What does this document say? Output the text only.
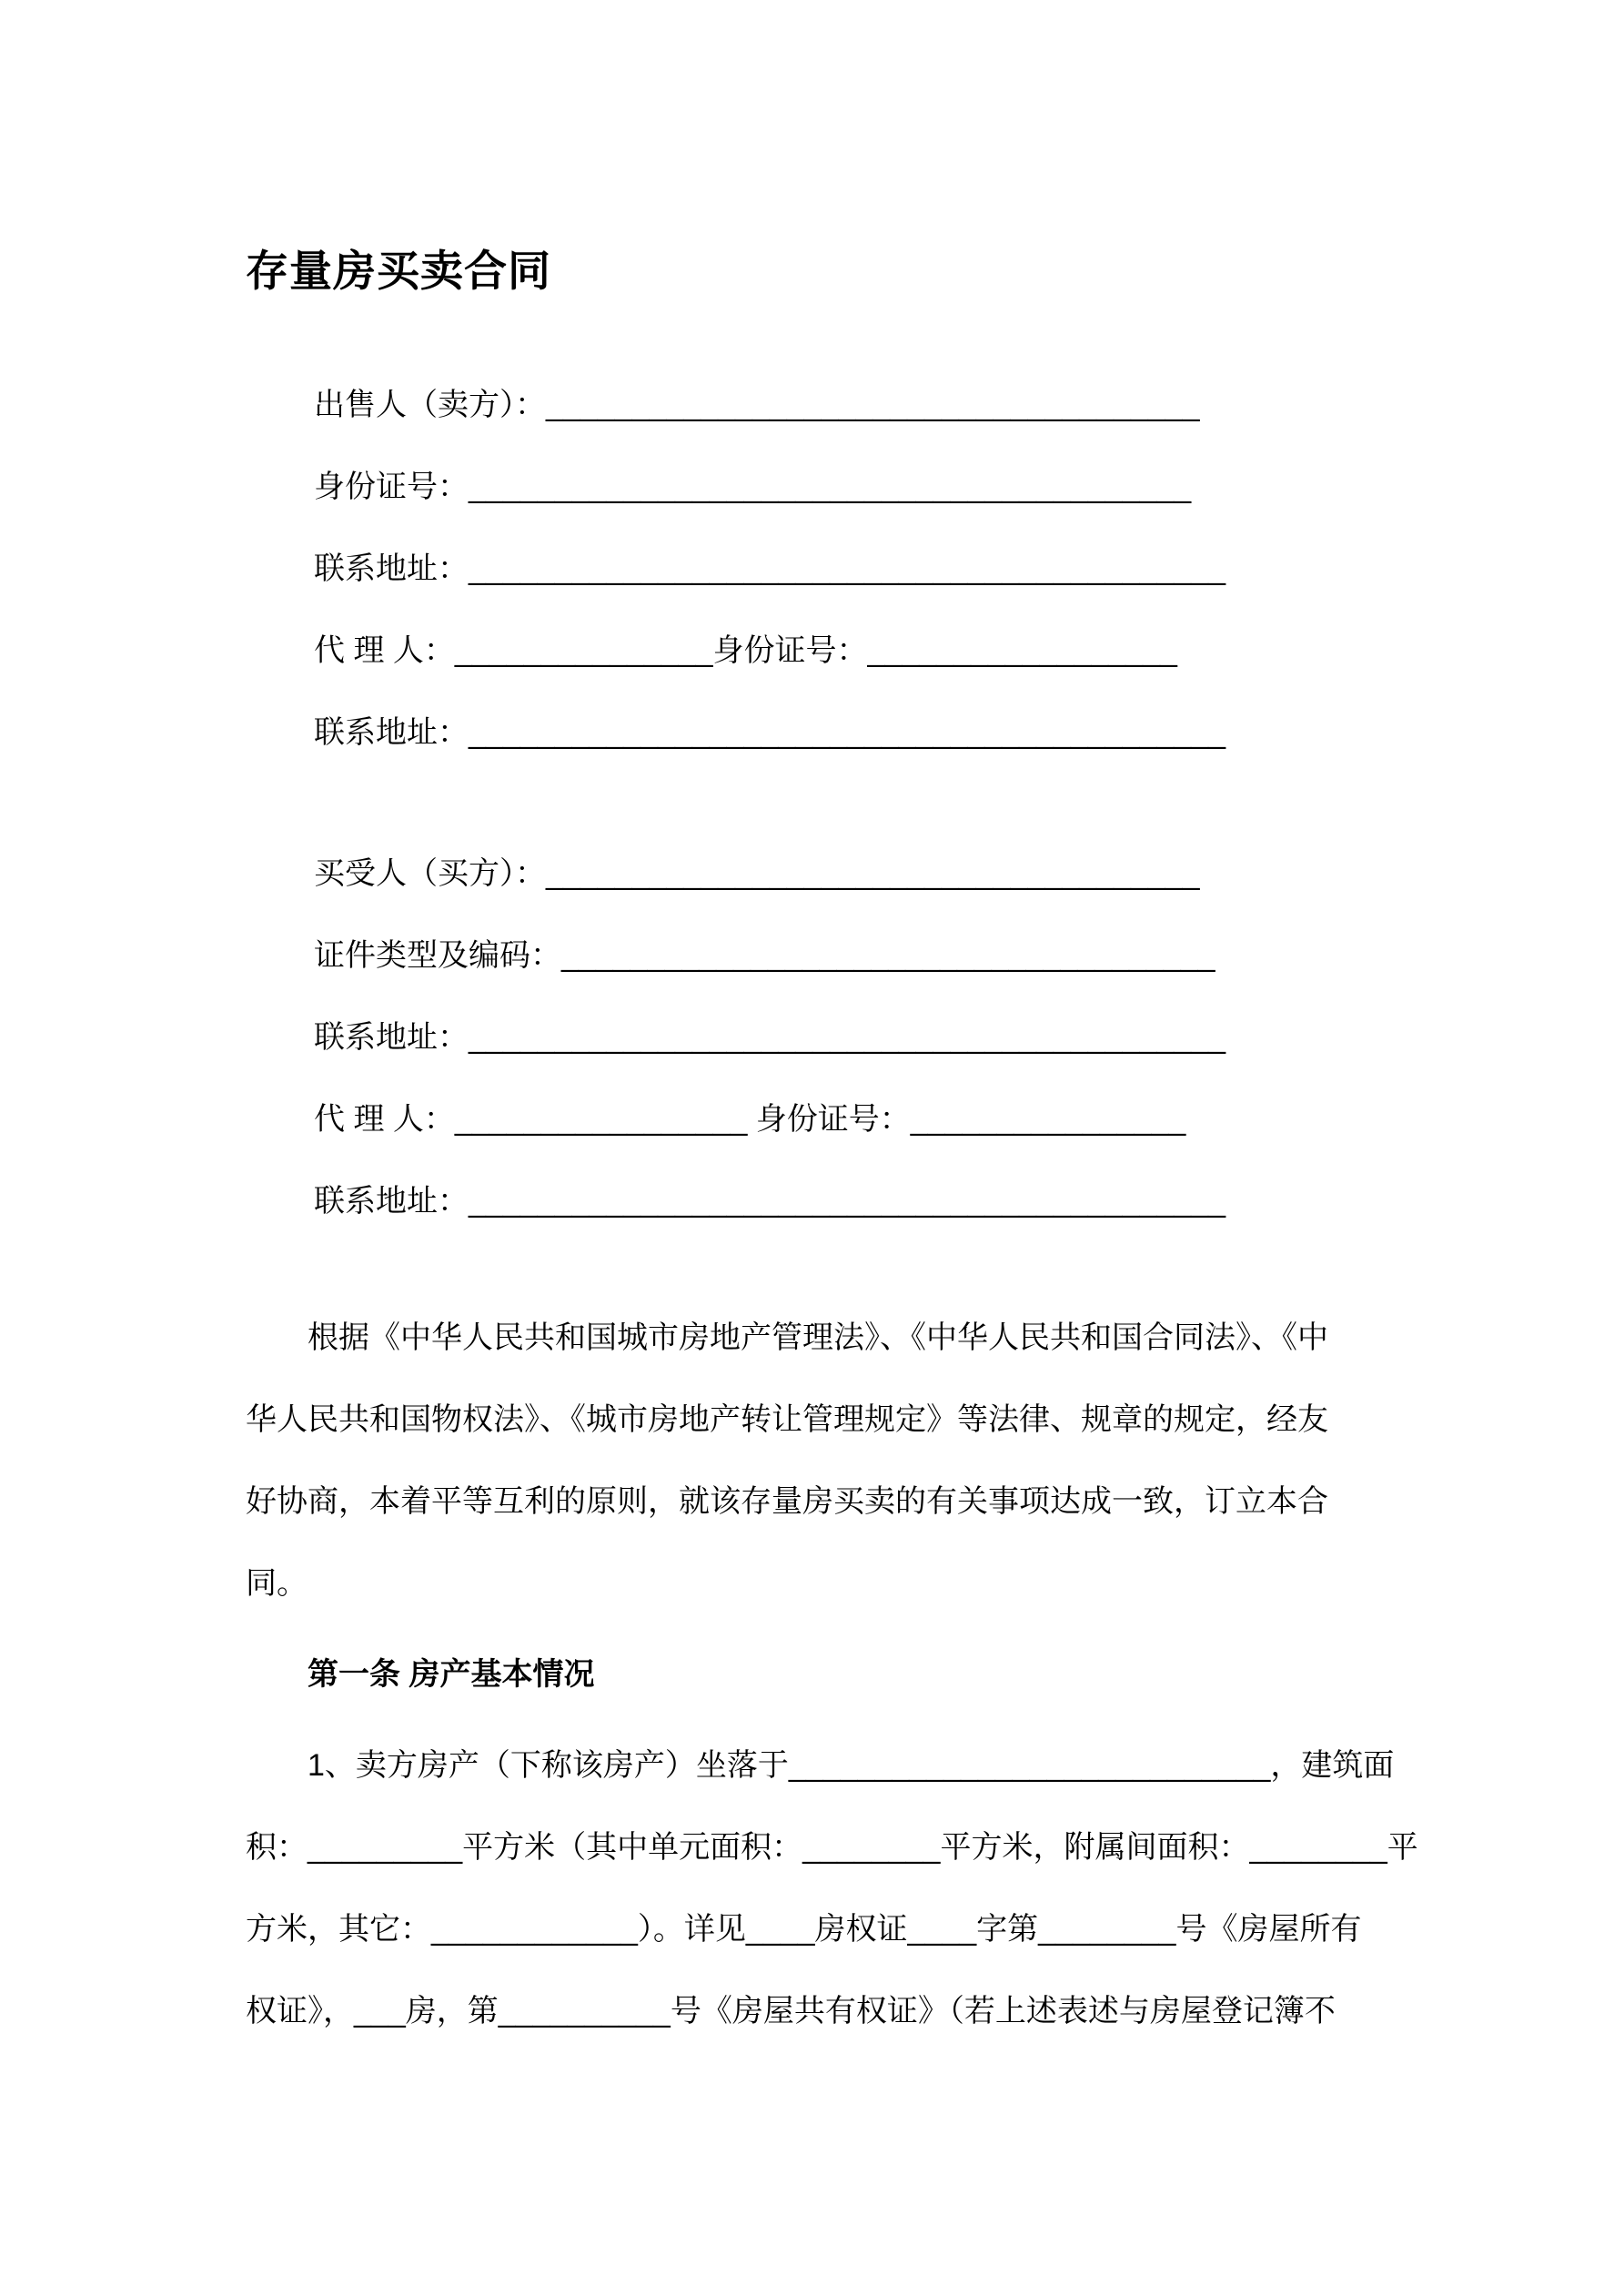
存量房买卖合同
出售人（卖方）：______________________________________
身份证号：__________________________________________
联系地址：____________________________________________
代 理 人：_______________身份证号：__________________
联系地址：____________________________________________
买受人（买方）：______________________________________
证件类型及编码：______________________________________
联系地址：____________________________________________
代 理 人：_________________ 身份证号：________________
联系地址：____________________________________________
根据《中华人民共和国城市房地产管理法》、《中华人民共和国合同法》、《中
华人民共和国物权法》、《城市房地产转让管理规定》等法律、规章的规定，经友
好协商，本着平等互利的原则，就该存量房买卖的有关事项达成一致，订立本合
同。
第一条 房产基本情况
1、卖方房产（下称该房产）坐落于____________________________，建筑面
积：_________平方米（其中单元面积：________平方米，附属间面积：________平
方米，其它：____________）。详见____房权证____字第________号《房屋所有
权证》，___房，第__________号《房屋共有权证》（若上述表述与房屋登记簿不
